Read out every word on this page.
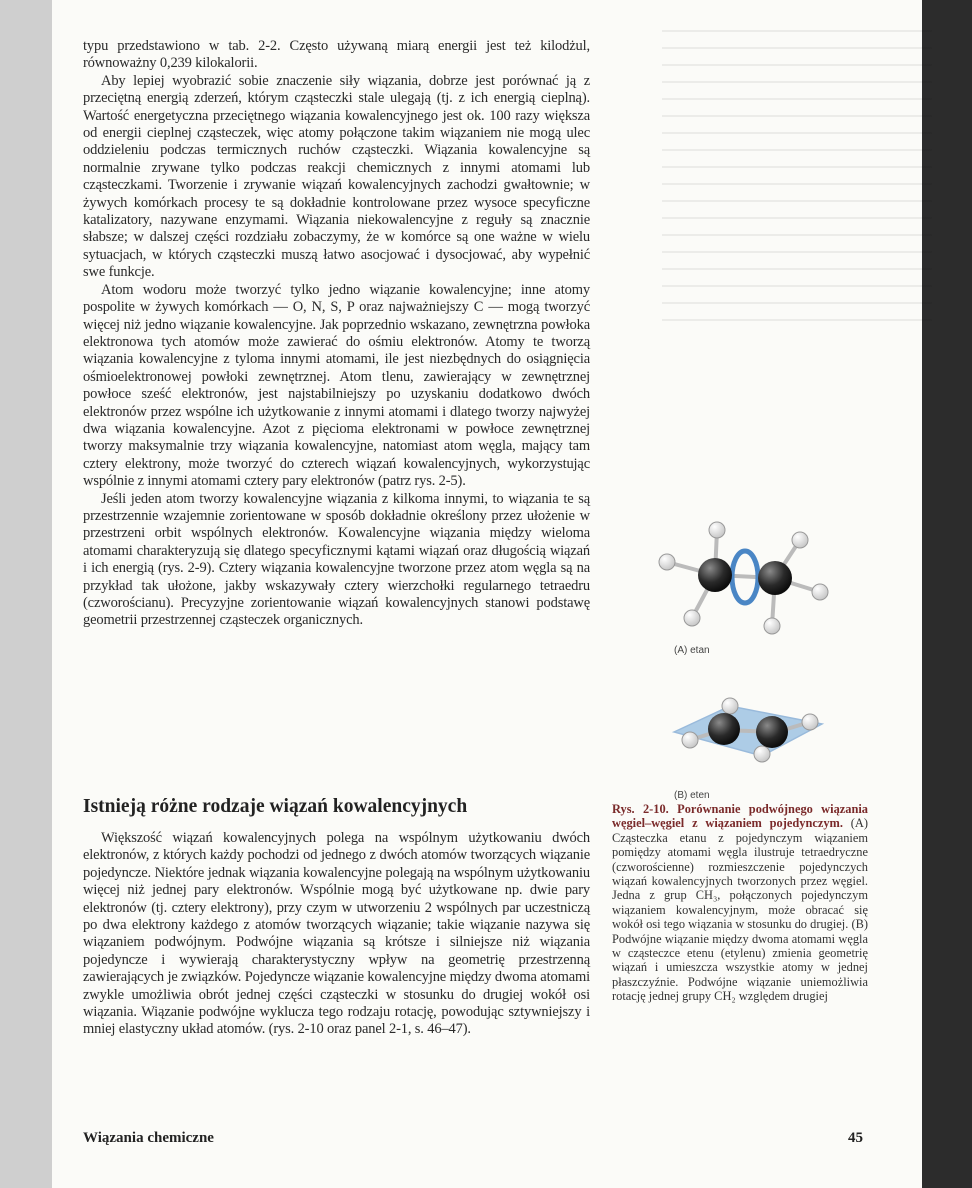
typu przedstawiono w tab. 2-2. Często używaną miarą energii jest też kilodżul, równoważny 0,239 kilokalorii.

Aby lepiej wyobrazić sobie znaczenie siły wiązania, dobrze jest porównać ją z przeciętną energią zderzeń, którym cząsteczki stale ulegają (tj. z ich energią cieplną). Wartość energetyczna przeciętnego wiązania kowalencyjnego jest ok. 100 razy większa od energii cieplnej cząsteczek, więc atomy połączone takim wiązaniem nie mogą ulec oddzieleniu podczas termicznych ruchów cząsteczki. Wiązania kowalencyjne są normalnie zrywane tylko podczas reakcji chemicznych z innymi atomami lub cząsteczkami. Tworzenie i zrywanie wiązań kowalencyjnych zachodzi gwałtownie; w żywych komórkach procesy te są dokładnie kontrolowane przez wysoce specyficzne katalizatory, nazywane enzymami. Wiązania niekowalencyjne z reguły są znacznie słabsze; w dalszej części rozdziału zobaczymy, że w komórce są one ważne w wielu sytuacjach, w których cząsteczki muszą łatwo asocjować i dysocjować, aby wypełnić swe funkcje.

Atom wodoru może tworzyć tylko jedno wiązanie kowalencyjne; inne atomy pospolite w żywych komórkach — O, N, S, P oraz najważniejszy C — mogą tworzyć więcej niż jedno wiązanie kowalencyjne. Jak poprzednio wskazano, zewnętrzna powłoka elektronowa tych atomów może zawierać do ośmiu elektronów. Atomy te tworzą wiązania kowalencyjne z tyloma innymi atomami, ile jest niezbędnych do osiągnięcia ośmioelektronowej powłoki zewnętrznej. Atom tlenu, zawierający w zewnętrznej powłoce sześć elektronów, jest najstabilniejszy po uzyskaniu dodatkowo dwóch elektronów przez wspólne ich użytkowanie z innymi atomami i dlatego tworzy najwyżej dwa wiązania kowalencyjne. Azot z pięcioma elektronami w powłoce zewnętrznej tworzy maksymalnie trzy wiązania kowalencyjne, natomiast atom węgla, mający tam cztery elektrony, może tworzyć do czterech wiązań kowalencyjnych, wykorzystując wspólnie z innymi atomami cztery pary elektronów (patrz rys. 2-5).

Jeśli jeden atom tworzy kowalencyjne wiązania z kilkoma innymi, to wiązania te są przestrzennie wzajemnie zorientowane w sposób dokładnie określony przez ułożenie w przestrzeni orbit wspólnych elektronów. Kowalencyjne wiązania między wieloma atomami charakteryzują się dlatego specyficznymi kątami wiązań oraz długością wiązań i ich energią (rys. 2-9). Cztery wiązania kowalencyjne tworzone przez atom węgla są na przykład tak ułożone, jakby wskazywały cztery wierzchołki regularnego tetraedru (czworościanu). Precyzyjne zorientowanie wiązań kowalencyjnych stanowi podstawę geometrii przestrzennej cząsteczek organicznych.

Istnieją różne rodzaje wiązań kowalencyjnych

Większość wiązań kowalencyjnych polega na wspólnym użytkowaniu dwóch elektronów, z których każdy pochodzi od jednego z dwóch atomów tworzących wiązanie pojedyncze. Niektóre jednak wiązania kowalencyjne polegają na wspólnym użytkowaniu więcej niż jednej pary elektronów. Wspólnie mogą być użytkowane np. dwie pary elektronów (tj. cztery elektrony), przy czym w utworzeniu 2 wspólnych par uczestniczą po dwa elektrony każdego z atomów tworzących wiązanie; takie wiązanie nazywa się wiązaniem podwójnym. Podwójne wiązania są krótsze i silniejsze niż wiązania pojedyncze i wywierają charakterystyczny wpływ na geometrię przestrzenną zawierających je związków. Pojedyncze wiązanie kowalencyjne między dwoma atomami zwykle umożliwia obrót jednej części cząsteczki w stosunku do drugiej wokół osi wiązania. Wiązanie podwójne wyklucza tego rodzaju rotację, powodując sztywniejszy i mniej elastyczny układ atomów. (rys. 2-10 oraz panel 2-1, s. 46–47).

(A) etan
(B) eten

Rys. 2-10. Porównanie podwójnego wiązania węgiel–węgiel z wiązaniem pojedynczym. (A) Cząsteczka etanu z pojedynczym wiązaniem pomiędzy atomami węgla ilustruje tetraedryczne (czworościenne) rozmieszczenie pojedynczych wiązań kowalencyjnych tworzonych przez węgiel. Jedna z grup CH₃, połączonych pojedynczym wiązaniem kowalencyjnym, może obracać się wokół osi tego wiązania w stosunku do drugiej. (B) Podwójne wiązanie między dwoma atomami węgla w cząsteczce etenu (etylenu) zmienia geometrię wiązań i umieszcza wszystkie atomy w jednej płaszczyźnie. Podwójne wiązanie uniemożliwia rotację jednej grupy CH₂ względem drugiej

Wiązania chemiczne	45
